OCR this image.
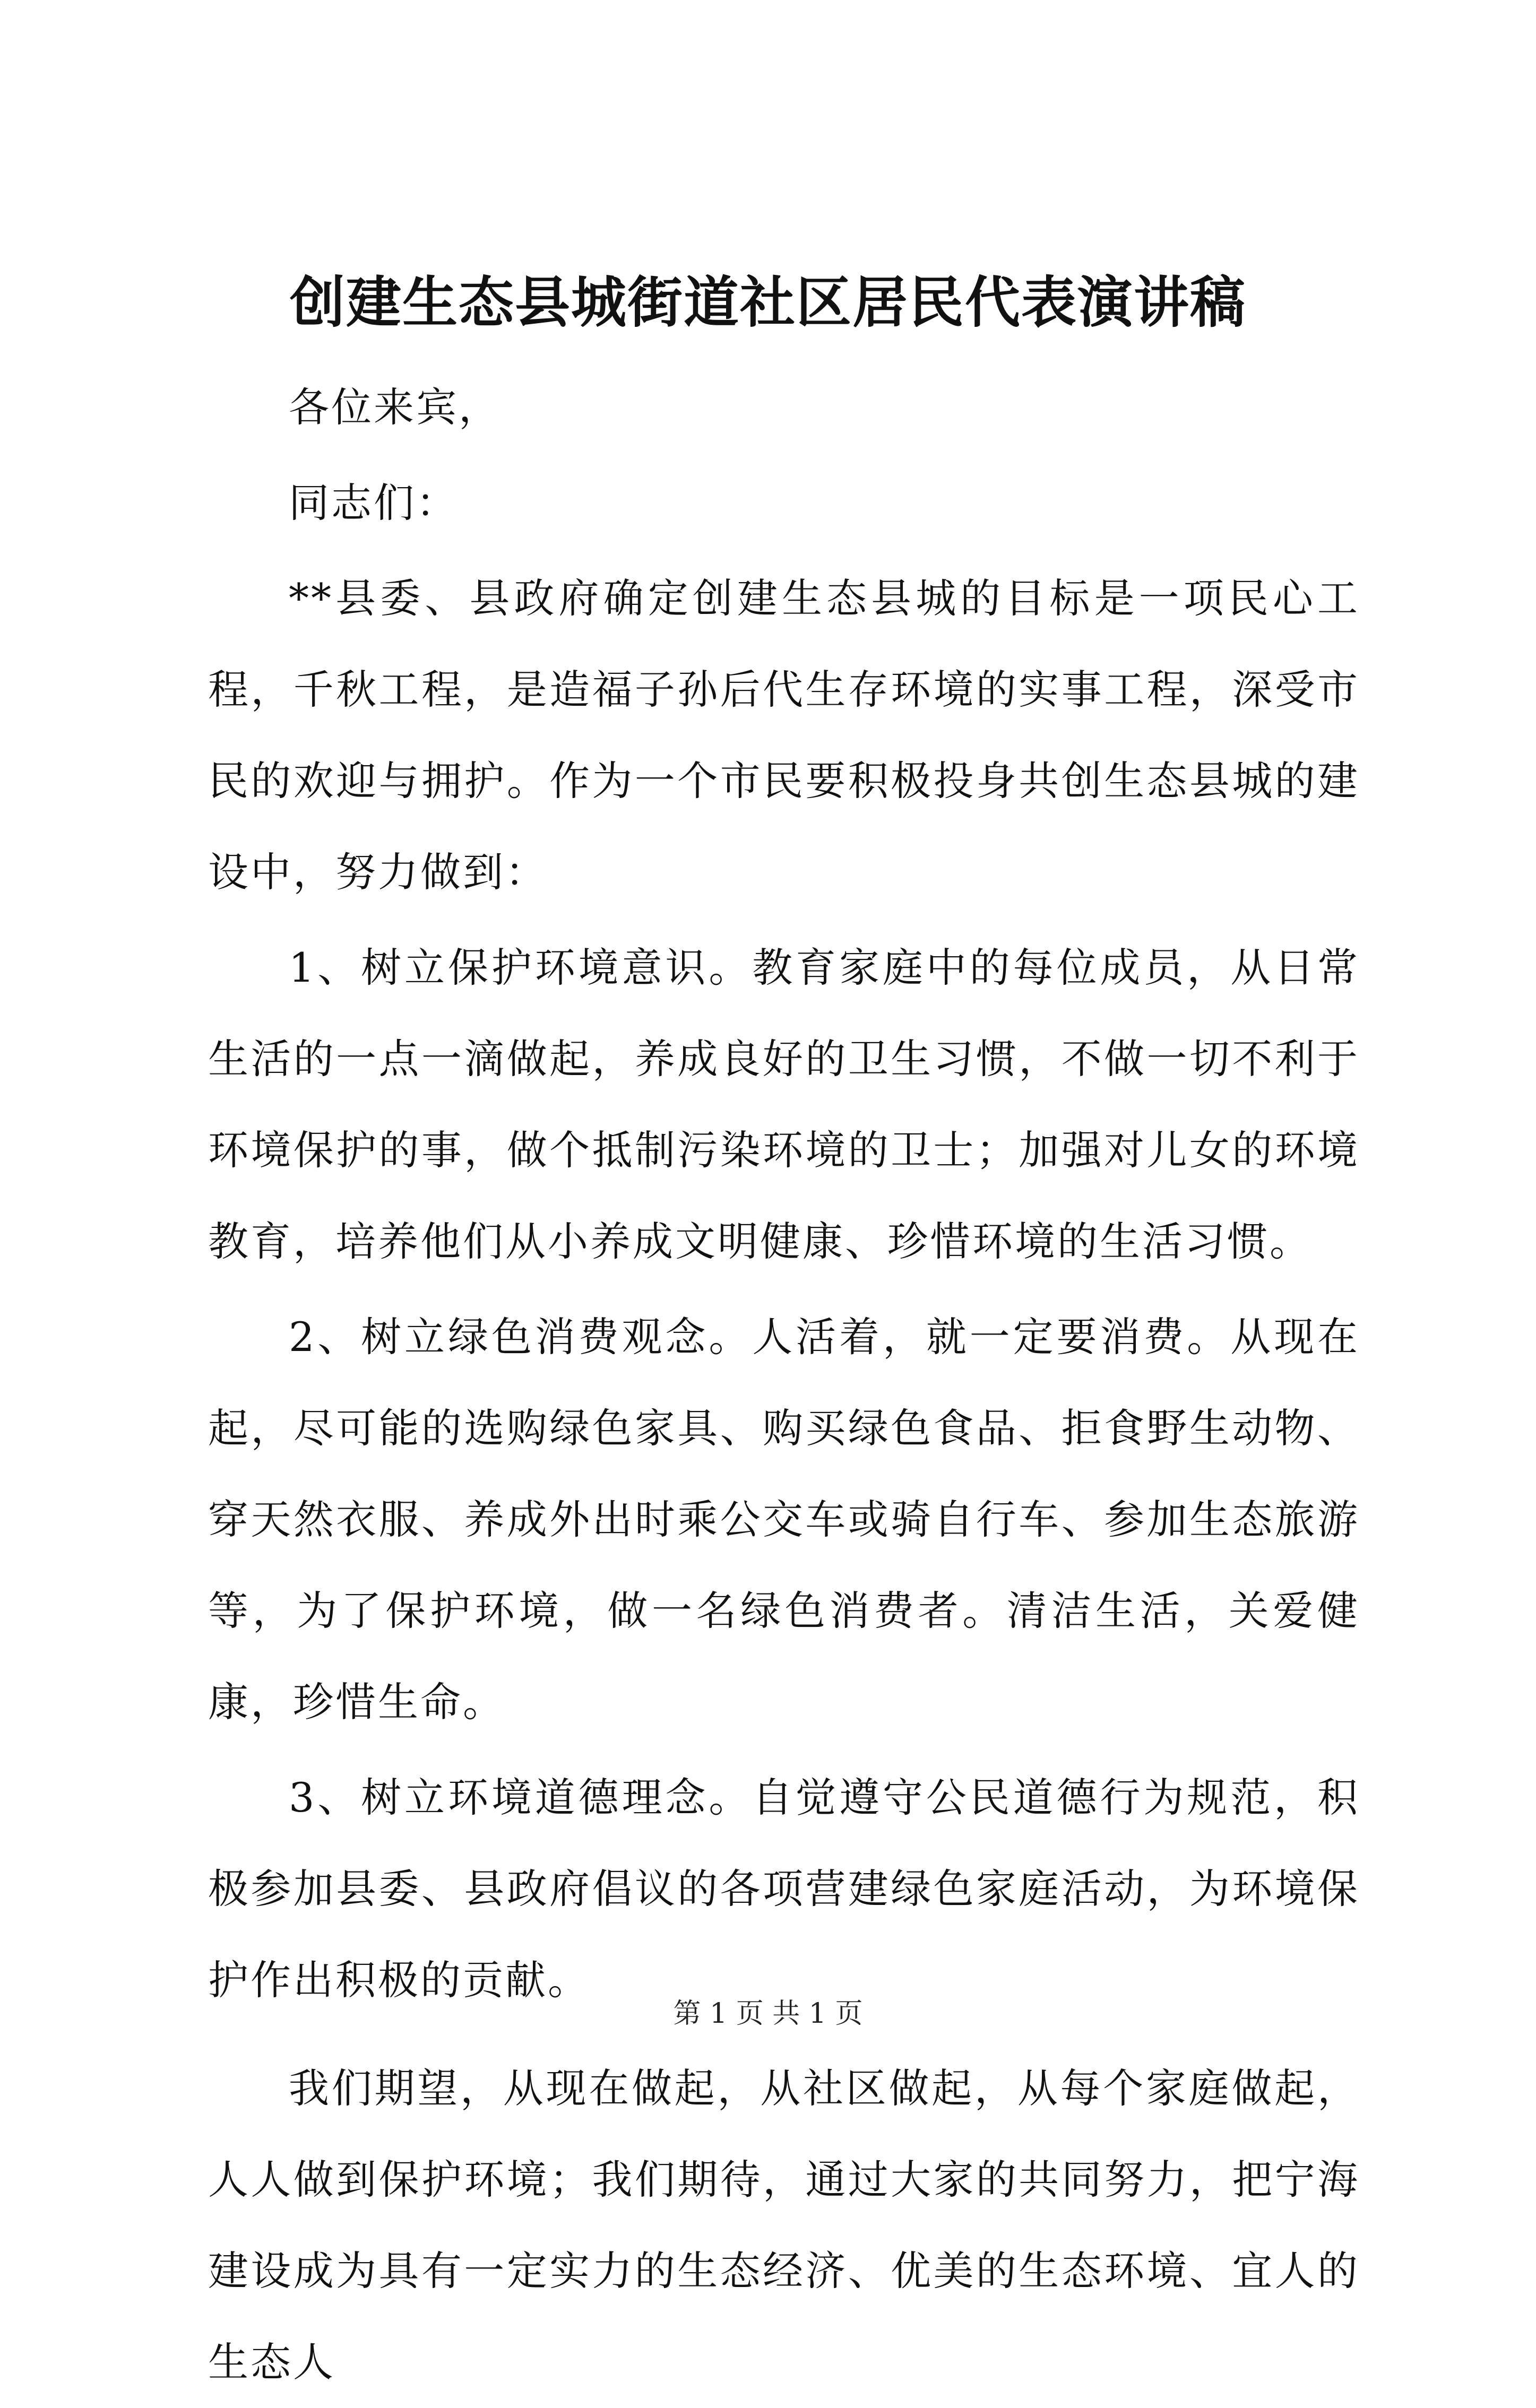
创建生态县城街道社区居民代表演讲稿

各位来宾，

同志们：

**县委、县政府确定创建生态县城的目标是一项民心工程，千秋工程，是造福子孙后代生存环境的实事工程，深受市民的欢迎与拥护。作为一个市民要积极投身共创生态县城的建设中，努力做到：

1、树立保护环境意识。教育家庭中的每位成员，从日常生活的一点一滴做起，养成良好的卫生习惯，不做一切不利于环境保护的事，做个抵制污染环境的卫士；加强对儿女的环境教育，培养他们从小养成文明健康、珍惜环境的生活习惯。

2、树立绿色消费观念。人活着，就一定要消费。从现在起，尽可能的选购绿色家具、购买绿色食品、拒食野生动物、穿天然衣服、养成外出时乘公交车或骑自行车、参加生态旅游等，为了保护环境，做一名绿色消费者。清洁生活，关爱健康，珍惜生命。

3、树立环境道德理念。自觉遵守公民道德行为规范，积极参加县委、县政府倡议的各项营建绿色家庭活动，为环境保护作出积极的贡献。

我们期望，从现在做起，从社区做起，从每个家庭做起，人人做到保护环境；我们期待，通过大家的共同努力，把宁海建设成为具有一定实力的生态经济、优美的生态环境、宜人的生态人

第 1 页 共 1 页
